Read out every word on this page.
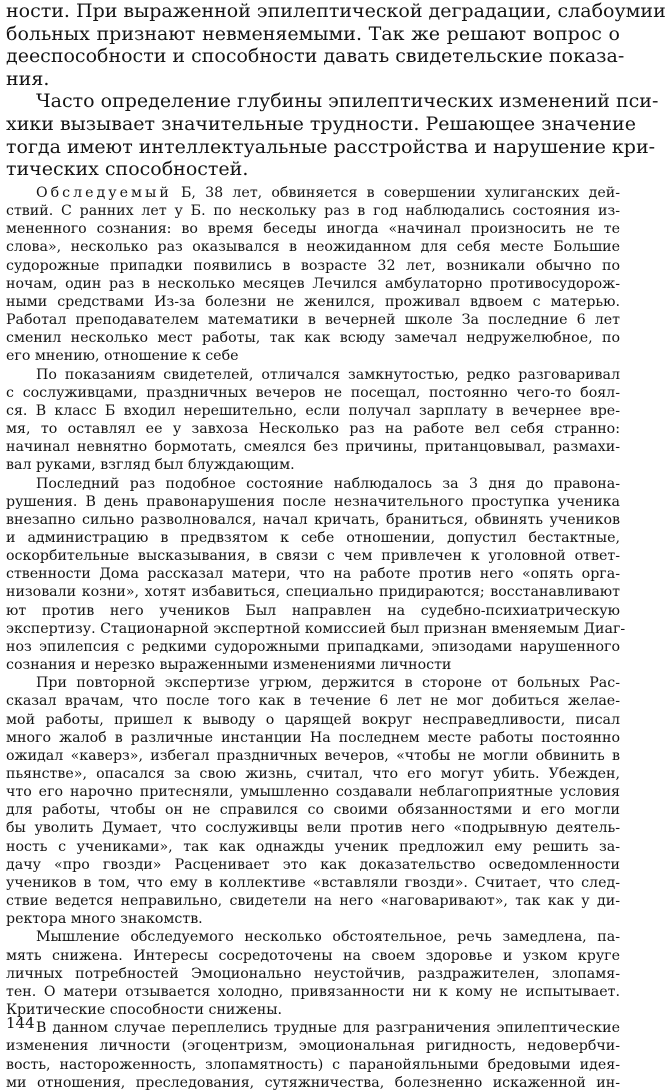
ности. При выраженной эпилептической деградации, слабоумии
больных признают невменяемыми. Так же решают вопрос о
дееспособности и способности давать свидетельские показа-
ния.
Часто определение глубины эпилептических изменений пси-
хики вызывает значительные трудности. Решающее значение
тогда имеют интеллектуальные расстройства и нарушение кри-
тических способностей.
Обследуемый Б, 38 лет, обвиняется в совершении хулиганских дей-
ствий. С ранних лет у Б. по нескольку раз в год наблюдались состояния из-
мененного сознания: во время беседы иногда «начинал произносить не те
слова», несколько раз оказывался в неожиданном для себя месте Большие
судорожные припадки появились в возрасте 32 лет, возникали обычно по
ночам, один раз в несколько месяцев Лечился амбулаторно противосудорож-
ными средствами Из-за болезни не женился, проживал вдвоем с матерью.
Работал преподавателем математики в вечерней школе За последние 6 лет
сменил несколько мест работы, так как всюду замечал недружелюбное, по
его мнению, отношение к себе
По показаниям свидетелей, отличался замкнутостью, редко разговаривал
с сослуживцами, праздничных вечеров не посещал, постоянно чего-то боял-
ся. В класс Б входил нерешительно, если получал зарплату в вечернее вре-
мя, то оставлял ее у завхоза Несколько раз на работе вел себя странно:
начинал невнятно бормотать, смеялся без причины, пританцовывал, размахи-
вал руками, взгляд был блуждающим.
Последний раз подобное состояние наблюдалось за 3 дня до правона-
рушения. В день правонарушения после незначительного проступка ученика
внезапно сильно разволновался, начал кричать, браниться, обвинять учеников
и администрацию в предвзятом к себе отношении, допустил бестактные,
оскорбительные высказывания, в связи с чем привлечен к уголовной ответ-
ственности Дома рассказал матери, что на работе против него «опять орга-
низовали козни», хотят избавиться, специально придираются; восстанавливают
ют против него учеников Был направлен на судебно-психиатрическую
экспертизу. Стационарной экспертной комиссией был признан вменяемым Диаг-
ноз эпилепсия с редкими судорожными припадками, эпизодами нарушенного
сознания и нерезко выраженными изменениями личности
При повторной экспертизе угрюм, держится в стороне от больных Рас-
сказал врачам, что после того как в течение 6 лет не мог добиться желае-
мой работы, пришел к выводу о царящей вокруг несправедливости, писал
много жалоб в различные инстанции На последнем месте работы постоянно
ожидал «каверз», избегал праздничных вечеров, «чтобы не могли обвинить в
пьянстве», опасался за свою жизнь, считал, что его могут убить. Убежден,
что его нарочно притесняли, умышленно создавали неблагоприятные условия
для работы, чтобы он не справился со своими обязанностями и его могли
бы уволить Думает, что сослуживцы вели против него «подрывную деятель-
ность с учениками», так как однажды ученик предложил ему решить за-
дачу «про гвозди» Расценивает это как доказательство осведомленности
учеников в том, что ему в коллективе «вставляли гвозди». Считает, что след-
ствие ведется неправильно, свидетели на него «наговаривают», так как у ди-
ректора много знакомств.
Мышление обследуемого несколько обстоятельное, речь замедлена, па-
мять снижена. Интересы сосредоточены на своем здоровье и узком круге
личных потребностей Эмоционально неустойчив, раздражителен, злопамя-
тен. О матери отзывается холодно, привязанности ни к кому не испытывает.
Критические способности снижены.
В данном случае переплелись трудные для разграничения эпилептические
изменения личности (эгоцентризм, эмоциональная ригидность, недовербчи-
вость, настороженность, злопамятность) с паранойяльными бредовыми идея-
ми отношения, преследования, сутяжничества, болезненно искаженной ин-
144
